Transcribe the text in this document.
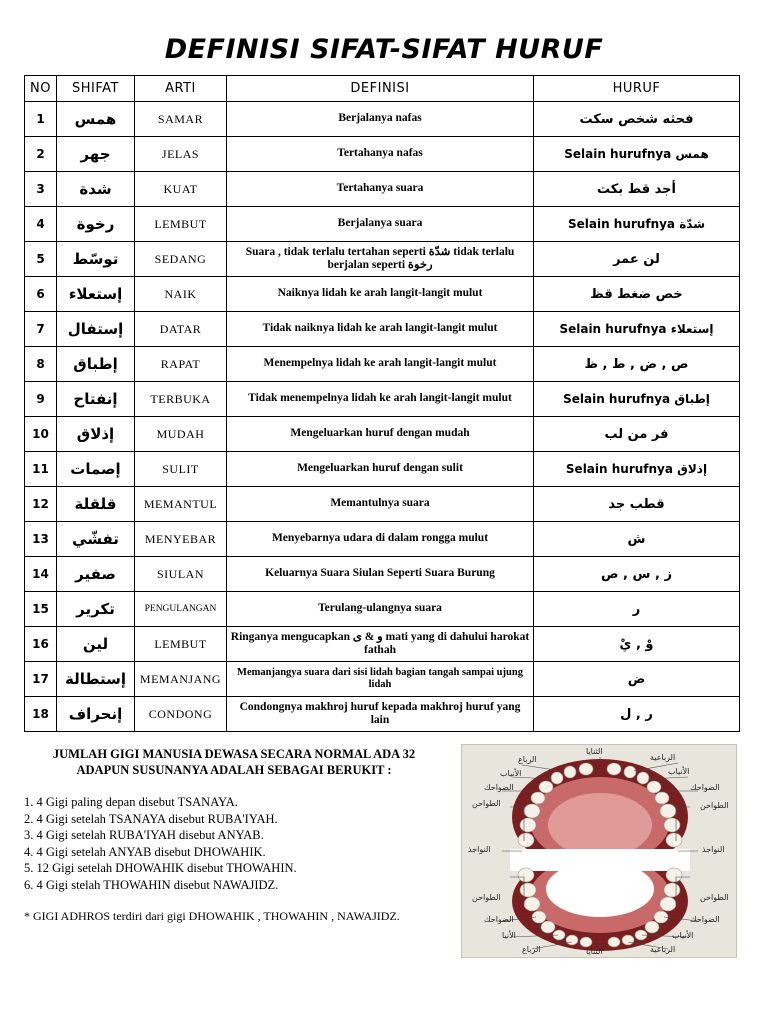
DEFINISI SIFAT-SIFAT HURUF
NO	SHIFAT	ARTI	DEFINISI	HURUF
1	همس	SAMAR	Berjalanya nafas	فحثه شخص سكت
2	جهر	JELAS	Tertahanya nafas	Selain hurufnya همس
3	شدة	KUAT	Tertahanya suara	أجد قط بكت
4	رخوة	LEMBUT	Berjalanya suara	Selain hurufnya شدّة
5	توسّط	SEDANG	Suara , tidak terlalu tertahan seperti شدّة tidak terlalu berjalan seperti رخوة	لن عمر
6	إستعلاء	NAIK	Naiknya lidah ke arah langit-langit mulut	خص ضغط قظ
7	إستفال	DATAR	Tidak naiknya lidah ke arah langit-langit mulut	Selain hurufnya إستعلاء
8	إطباق	RAPAT	Menempelnya lidah ke arah langit-langit mulut	ص , ض , ط , ظ
9	إنفتاح	TERBUKA	Tidak menempelnya lidah ke arah langit-langit mulut	Selain hurufnya إطباق
10	إذلاق	MUDAH	Mengeluarkan huruf dengan mudah	فر من لب
11	إصمات	SULIT	Mengeluarkan huruf dengan sulit	Selain hurufnya إذلاق
12	قلقلة	MEMANTUL	Memantulnya suara	قطب جد
13	تفشّي	MENYEBAR	Menyebarnya udara di dalam rongga mulut	ش
14	صفير	SIULAN	Keluarnya Suara Siulan Seperti Suara Burung	ز , س , ص
15	تكرير	PENGULANGAN	Terulang-ulangnya suara	ر
16	لين	LEMBUT	Ringanya mengucapkan و & ى mati yang di dahului harokat fathah	وْ , يْ
17	إستطالة	MEMANJANG	Memanjangya suara dari sisi lidah bagian tangah sampai ujung lidah	ض
18	إنحراف	CONDONG	Condongnya makhroj huruf kepada makhroj huruf yang lain	ر , ل
JUMLAH GIGI MANUSIA DEWASA SECARA NORMAL ADA 32
ADAPUN SUSUNANYA ADALAH SEBAGAI BERUKIT :
1. 4 Gigi paling depan disebut TSANAYA.
2. 4 Gigi setelah TSANAYA disebut RUBA'IYAH.
3. 4 Gigi setelah RUBA'IYAH disebut ANYAB.
4. 4 Gigi setelah ANYAB disebut DHOWAHIK.
5. 12 Gigi setelah DHOWAHIK disebut THOWAHIN.
6. 4 Gigi stelah THOWAHIN disebut NAWAJIDZ.
* GIGI ADHROS terdiri dari gigi DHOWAHIK , THOWAHIN , NAWAJIDZ.
الثنايا
الرباعية
الرباع
الأنياب	الأنياب
الضواحك	الضواحك
الطواحن	الطواحن
النواجذ	النواجذ
الطواحن	الطواحن
الضواحك	الضواحك
الأنيا	الأنياب
الرباع	الرباعية
الثنايا
